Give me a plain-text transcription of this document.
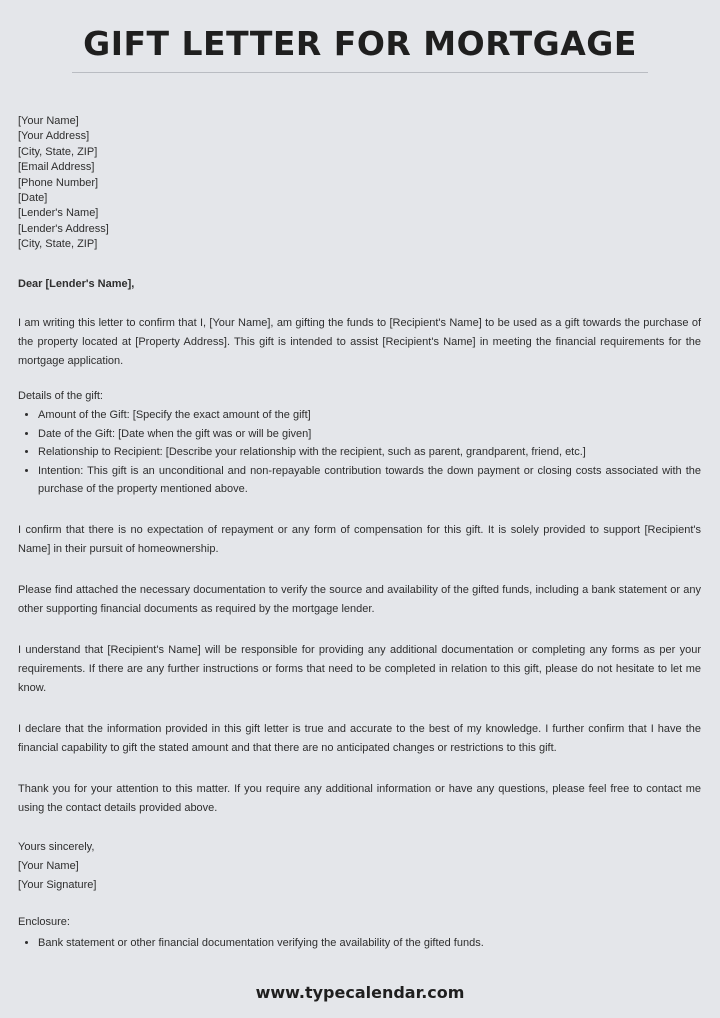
GIFT LETTER FOR MORTGAGE
[Your Name]
[Your Address]
[City, State, ZIP]
[Email Address]
[Phone Number]
[Date]
[Lender's Name]
[Lender's Address]
[City, State, ZIP]
Dear [Lender's Name],

I am writing this letter to confirm that I, [Your Name], am gifting the funds to [Recipient's Name] to be used as a gift towards the purchase of the property located at [Property Address]. This gift is intended to assist [Recipient's Name] in meeting the financial requirements for the mortgage application.

Details of the gift:
• Amount of the Gift: [Specify the exact amount of the gift]
• Date of the Gift: [Date when the gift was or will be given]
• Relationship to Recipient: [Describe your relationship with the recipient, such as parent, grandparent, friend, etc.]
• Intention: This gift is an unconditional and non-repayable contribution towards the down payment or closing costs associated with the purchase of the property mentioned above.

I confirm that there is no expectation of repayment or any form of compensation for this gift. It is solely provided to support [Recipient's Name] in their pursuit of homeownership.

Please find attached the necessary documentation to verify the source and availability of the gifted funds, including a bank statement or any other supporting financial documents as required by the mortgage lender.

I understand that [Recipient's Name] will be responsible for providing any additional documentation or completing any forms as per your requirements. If there are any further instructions or forms that need to be completed in relation to this gift, please do not hesitate to let me know.

I declare that the information provided in this gift letter is true and accurate to the best of my knowledge. I further confirm that I have the financial capability to gift the stated amount and that there are no anticipated changes or restrictions to this gift.

Thank you for your attention to this matter. If you require any additional information or have any questions, please feel free to contact me using the contact details provided above.

Yours sincerely,
[Your Name]
[Your Signature]
Enclosure:
• Bank statement or other financial documentation verifying the availability of the gifted funds.
www.typecalendar.com
